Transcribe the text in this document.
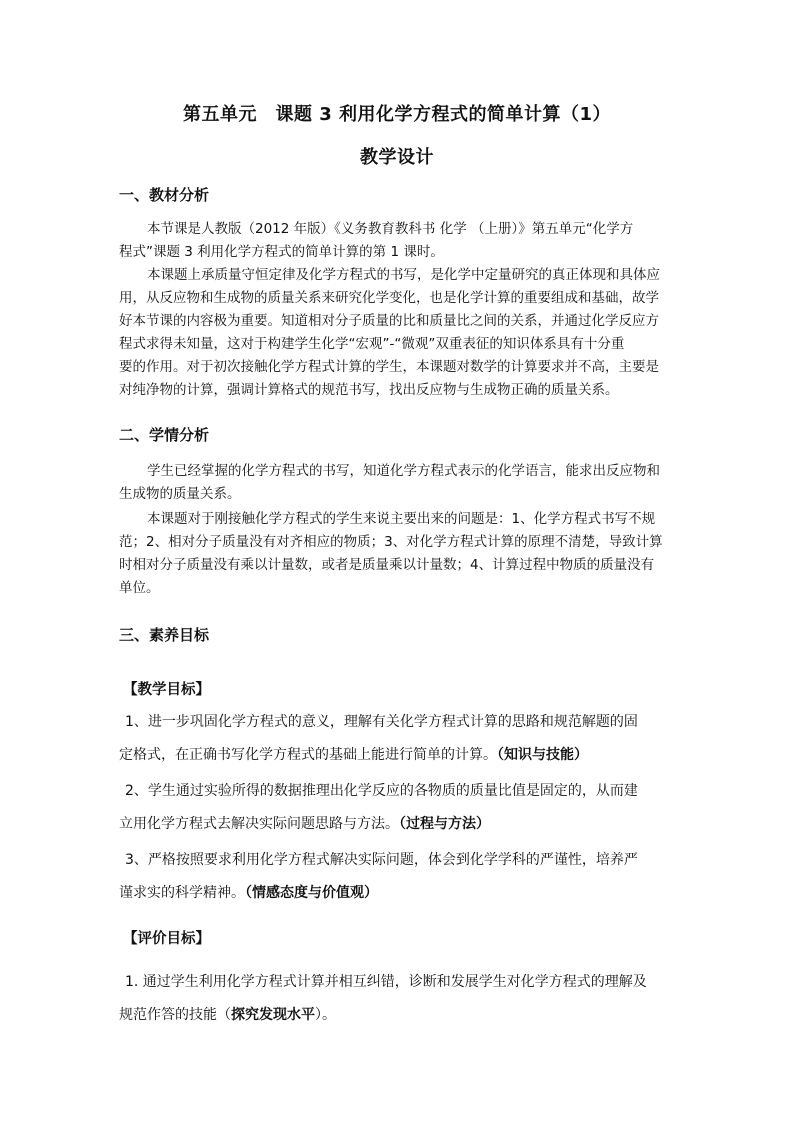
第五单元　课题 3 利用化学方程式的简单计算（1）
教学设计
一、教材分析
本节课是人教版（2012 年版）《义务教育教科书 化学 （上册）》第五单元“化学方
程式”课题 3 利用化学方程式的简单计算的第 1 课时。
本课题上承质量守恒定律及化学方程式的书写，是化学中定量研究的真正体现和具体应
用，从反应物和生成物的质量关系来研究化学变化，也是化学计算的重要组成和基础，故学
好本节课的内容极为重要。知道相对分子质量的比和质量比之间的关系，并通过化学反应方
程式求得未知量，这对于构建学生化学“宏观”-“微观”双重表征的知识体系具有十分重
要的作用。对于初次接触化学方程式计算的学生，本课题对数学的计算要求并不高，主要是
对纯净物的计算，强调计算格式的规范书写，找出反应物与生成物正确的质量关系。
二、学情分析
学生已经掌握的化学方程式的书写，知道化学方程式表示的化学语言，能求出反应物和
生成物的质量关系。
本课题对于刚接触化学方程式的学生来说主要出来的问题是：1、化学方程式书写不规
范；2、相对分子质量没有对齐相应的物质；3、对化学方程式计算的原理不清楚，导致计算
时相对分子质量没有乘以计量数，或者是质量乘以计量数；4、计算过程中物质的质量没有
单位。
三、素养目标
【教学目标】
1、进一步巩固化学方程式的意义，理解有关化学方程式计算的思路和规范解题的固
定格式，在正确书写化学方程式的基础上能进行简单的计算。（知识与技能）
2、学生通过实验所得的数据推理出化学反应的各物质的质量比值是固定的，从而建
立用化学方程式去解决实际问题思路与方法。（过程与方法）
3、严格按照要求利用化学方程式解决实际问题，体会到化学学科的严谨性，培养严
谨求实的科学精神。（情感态度与价值观）
【评价目标】
1. 通过学生利用化学方程式计算并相互纠错，诊断和发展学生对化学方程式的理解及
规范作答的技能（探究发现水平）。
